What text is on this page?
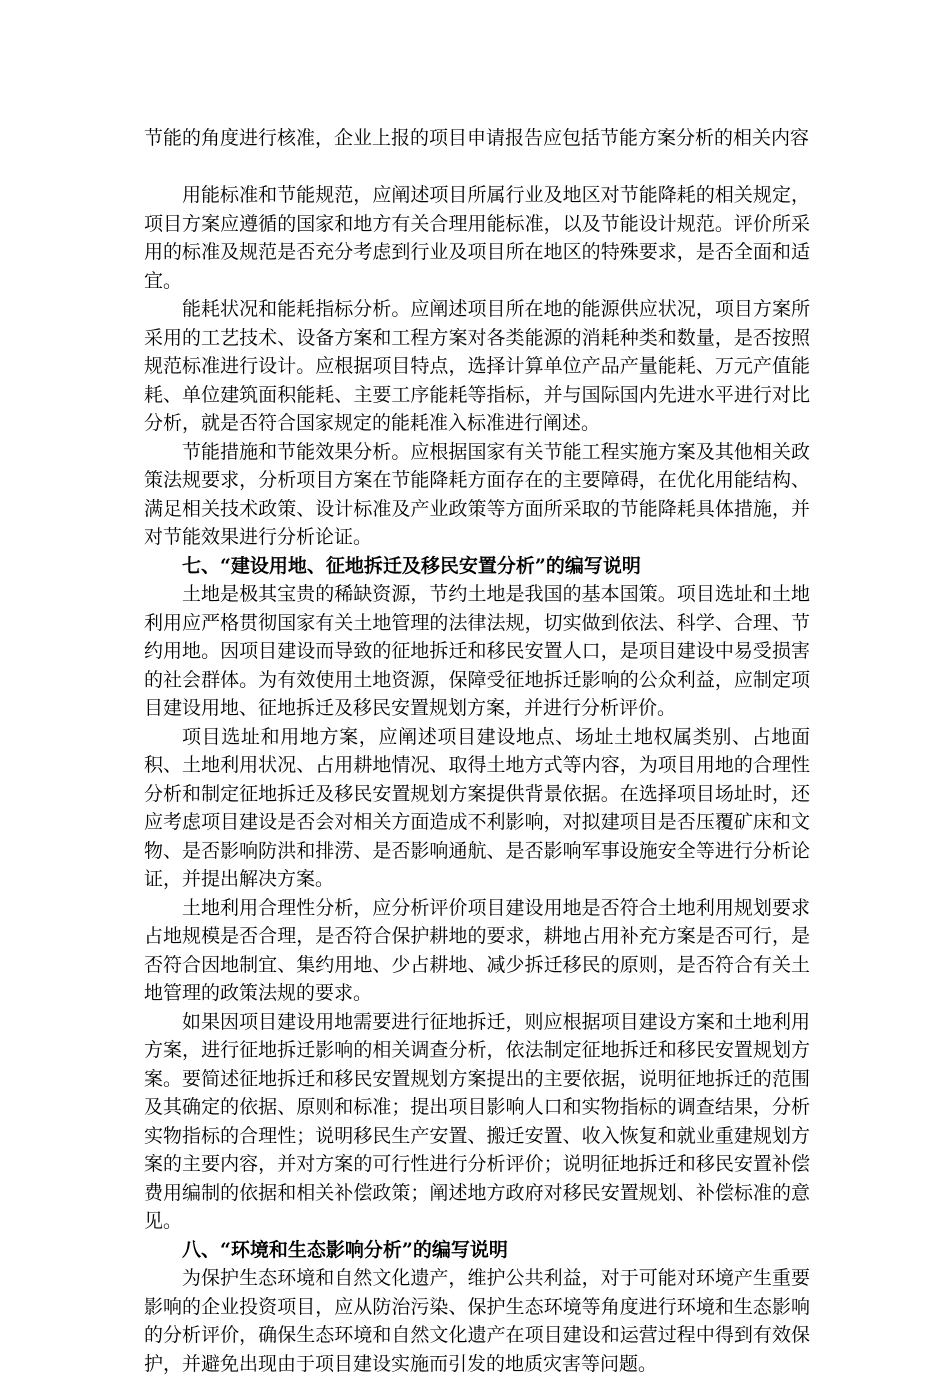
节能的角度进行核准，企业上报的项目申请报告应包括节能方案分析的相关内容

用能标准和节能规范，应阐述项目所属行业及地区对节能降耗的相关规定，项目方案应遵循的国家和地方有关合理用能标准，以及节能设计规范。评价所采用的标准及规范是否充分考虑到行业及项目所在地区的特殊要求，是否全面和适宜。

能耗状况和能耗指标分析。应阐述项目所在地的能源供应状况，项目方案所采用的工艺技术、设备方案和工程方案对各类能源的消耗种类和数量，是否按照规范标准进行设计。应根据项目特点，选择计算单位产品产量能耗、万元产值能耗、单位建筑面积能耗、主要工序能耗等指标，并与国际国内先进水平进行对比分析，就是否符合国家规定的能耗准入标准进行阐述。

节能措施和节能效果分析。应根据国家有关节能工程实施方案及其他相关政策法规要求，分析项目方案在节能降耗方面存在的主要障碍，在优化用能结构、满足相关技术政策、设计标准及产业政策等方面所采取的节能降耗具体措施，并对节能效果进行分析论证。

七、“建设用地、征地拆迁及移民安置分析”的编写说明

土地是极其宝贵的稀缺资源，节约土地是我国的基本国策。项目选址和土地利用应严格贯彻国家有关土地管理的法律法规，切实做到依法、科学、合理、节约用地。因项目建设而导致的征地拆迁和移民安置人口，是项目建设中易受损害的社会群体。为有效使用土地资源，保障受征地拆迁影响的公众利益，应制定项目建设用地、征地拆迁及移民安置规划方案，并进行分析评价。

项目选址和用地方案，应阐述项目建设地点、场址土地权属类别、占地面积、土地利用状况、占用耕地情况、取得土地方式等内容，为项目用地的合理性分析和制定征地拆迁及移民安置规划方案提供背景依据。在选择项目场址时，还应考虑项目建设是否会对相关方面造成不利影响，对拟建项目是否压覆矿床和文物、是否影响防洪和排涝、是否影响通航、是否影响军事设施安全等进行分析论证，并提出解决方案。

土地利用合理性分析，应分析评价项目建设用地是否符合土地利用规划要求占地规模是否合理，是否符合保护耕地的要求，耕地占用补充方案是否可行，是否符合因地制宜、集约用地、少占耕地、减少拆迁移民的原则，是否符合有关土地管理的政策法规的要求。

如果因项目建设用地需要进行征地拆迁，则应根据项目建设方案和土地利用方案，进行征地拆迁影响的相关调查分析，依法制定征地拆迁和移民安置规划方案。要简述征地拆迁和移民安置规划方案提出的主要依据，说明征地拆迁的范围及其确定的依据、原则和标准；提出项目影响人口和实物指标的调查结果，分析实物指标的合理性；说明移民生产安置、搬迁安置、收入恢复和就业重建规划方案的主要内容，并对方案的可行性进行分析评价；说明征地拆迁和移民安置补偿费用编制的依据和相关补偿政策；阐述地方政府对移民安置规划、补偿标准的意见。

八、“环境和生态影响分析”的编写说明

为保护生态环境和自然文化遗产，维护公共利益，对于可能对环境产生重要影响的企业投资项目，应从防治污染、保护生态环境等角度进行环境和生态影响的分析评价，确保生态环境和自然文化遗产在项目建设和运营过程中得到有效保护，并避免出现由于项目建设实施而引发的地质灾害等问题。
